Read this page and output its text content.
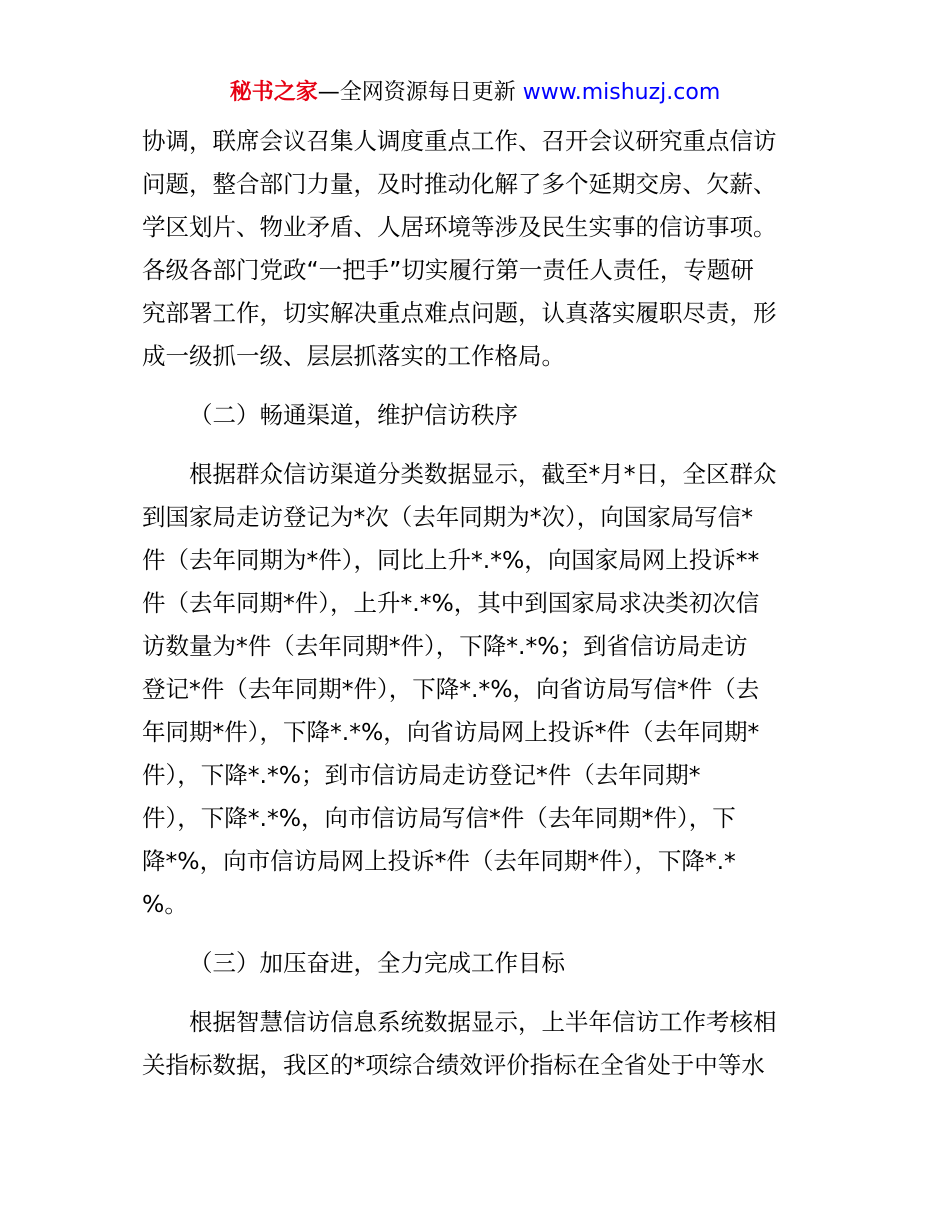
秘书之家—全网资源每日更新 www.mishuzj.com
协调，联席会议召集人调度重点工作、召开会议研究重点信访
问题，整合部门力量，及时推动化解了多个延期交房、欠薪、
学区划片、物业矛盾、人居环境等涉及民生实事的信访事项。
各级各部门党政“一把手”切实履行第一责任人责任，专题研
究部署工作，切实解决重点难点问题，认真落实履职尽责，形
成一级抓一级、层层抓落实的工作格局。
（二）畅通渠道，维护信访秩序
根据群众信访渠道分类数据显示，截至*月*日，全区群众
到国家局走访登记为*次（去年同期为*次），向国家局写信*
件（去年同期为*件），同比上升*.*%，向国家局网上投诉**
件（去年同期*件），上升*.*%，其中到国家局求决类初次信
访数量为*件（去年同期*件），下降*.*%；到省信访局走访
登记*件（去年同期*件），下降*.*%，向省访局写信*件（去
年同期*件），下降*.*%，向省访局网上投诉*件（去年同期*
件），下降*.*%；到市信访局走访登记*件（去年同期*
件），下降*.*%，向市信访局写信*件（去年同期*件），下
降*%，向市信访局网上投诉*件（去年同期*件），下降*.*
%。
（三）加压奋进，全力完成工作目标
根据智慧信访信息系统数据显示，上半年信访工作考核相
关指标数据，我区的*项综合绩效评价指标在全省处于中等水
